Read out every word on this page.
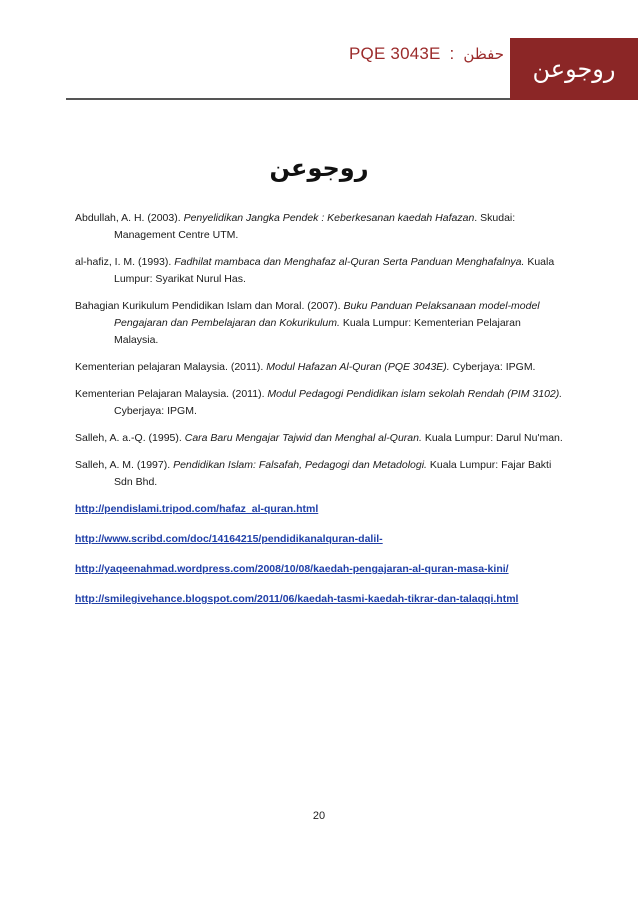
PQE 3043E : حفظن
روجوعن
روجوعن

Abdullah, A. H. (2003). Penyelidikan Jangka Pendek : Keberkesanan kaedah Hafazan. Skudai: Management Centre UTM.

al-hafiz, I. M. (1993). Fadhilat mambaca dan Menghafaz al-Quran Serta Panduan Menghafalnya. Kuala Lumpur: Syarikat Nurul Has.

Bahagian Kurikulum Pendidikan Islam dan Moral. (2007). Buku Panduan Pelaksanaan model-model Pengajaran dan Pembelajaran dan Kokurikulum. Kuala Lumpur: Kementerian Pelajaran Malaysia.

Kementerian pelajaran Malaysia. (2011). Modul Hafazan Al-Quran (PQE 3043E). Cyberjaya: IPGM.

Kementerian Pelajaran Malaysia. (2011). Modul Pedagogi Pendidikan islam sekolah Rendah (PIM 3102). Cyberjaya: IPGM.

Salleh, A. a.-Q. (1995). Cara Baru Mengajar Tajwid dan Menghal al-Quran. Kuala Lumpur: Darul Nu'man.

Salleh, A. M. (1997). Pendidikan Islam: Falsafah, Pedagogi dan Metadologi. Kuala Lumpur: Fajar Bakti Sdn Bhd.

http://pendislami.tripod.com/hafaz_al-quran.html
http://www.scribd.com/doc/14164215/pendidikanalquran-dalil-
http://yaqeenahmad.wordpress.com/2008/10/08/kaedah-pengajaran-al-quran-masa-kini/
http://smilegivehance.blogspot.com/2011/06/kaedah-tasmi-kaedah-tikrar-dan-talaqqi.html
20
